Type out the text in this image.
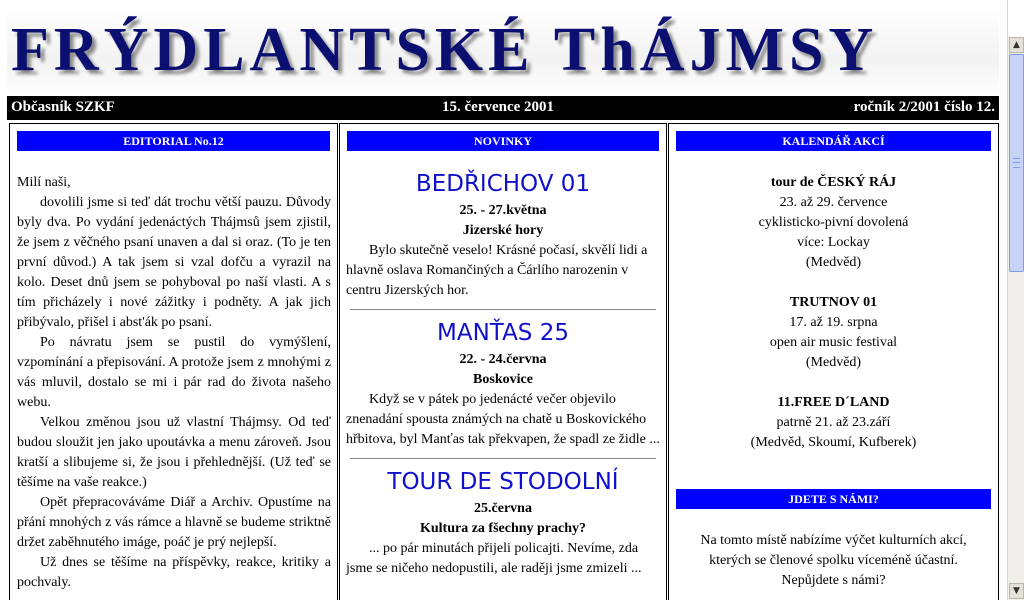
FRÝDLANTSKÉ ThÁJMSY
Občasník SZKF	15. července 2001	ročník 2/2001 číslo 12.
EDITORIAL No.12

Milí naši,

dovolili jsme si teď dát trochu větší pauzu. Důvody byly dva. Po vydání jedenáctých Thájmsů jsem zjistil, že jsem z věčného psaní unaven a dal si oraz. (To je ten první důvod.) A tak jsem si vzal dofču a vyrazil na kolo. Deset dnů jsem se pohyboval po naší vlasti. A s tím přicházely i nové zážitky i podněty. A jak jich přibývalo, přišel i abst'ák po psaní.

Po návratu jsem se pustil do vymýšlení, vzpomínání a přepisování. A protože jsem z mnohými z vás mluvil, dostalo se mi i pár rad do života našeho webu.

Velkou změnou jsou už vlastní Thájmsy. Od teď budou sloužit jen jako upoutávka a menu zároveň. Jsou kratší a slibujeme si, že jsou i přehlednější. (Už teď se těšíme na vaše reakce.)

Opět přepracováváme Diář a Archiv. Opustíme na přání mnohých z vás rámce a hlavně se budeme striktně držet zaběhnutého imáge, poáč je prý nejlepší.

Už dnes se těšíme na příspěvky, reakce, kritiky a pochvaly.

NOVINKY
BEDŘICHOV 01
25. - 27.května
Jizerské hory

Bylo skutečně veselo! Krásné počasí, skvělí lidi a hlavně oslava Romančiných a Čárlího narozenin v centru Jizerských hor.

MANŤAS 25
22. - 24.června
Boskovice

Když se v pátek po jedenácté večer objevilo znenadání spousta známých na chatě u Boskovického hřbitova, byl Manťas tak překvapen, že spadl ze židle ...

TOUR DE STODOLNÍ
25.června
Kultura za fšechny prachy?

... po pár minutách přijeli policajti. Nevíme, zda jsme se ničeho nedopustili, ale raději jsme zmizeli ...

KALENDÁŘ AKCÍ
tour de ČESKÝ RÁJ
23. až 29. července
cyklisticko-pivní dovolená
více: Lockay
(Medvěd)
TRUTNOV 01
17. až 19. srpna
open air music festival
(Medvěd)
11.FREE D´LAND
patrně 21. až 23.září
(Medvěd, Skoumí, Kufberek)
JDETE S NÁMI?
Na tomto místě nabízíme výčet kulturních akcí, kterých se členové spolku víceméně účastní. Nepůjdete s námi?
▲
▼
